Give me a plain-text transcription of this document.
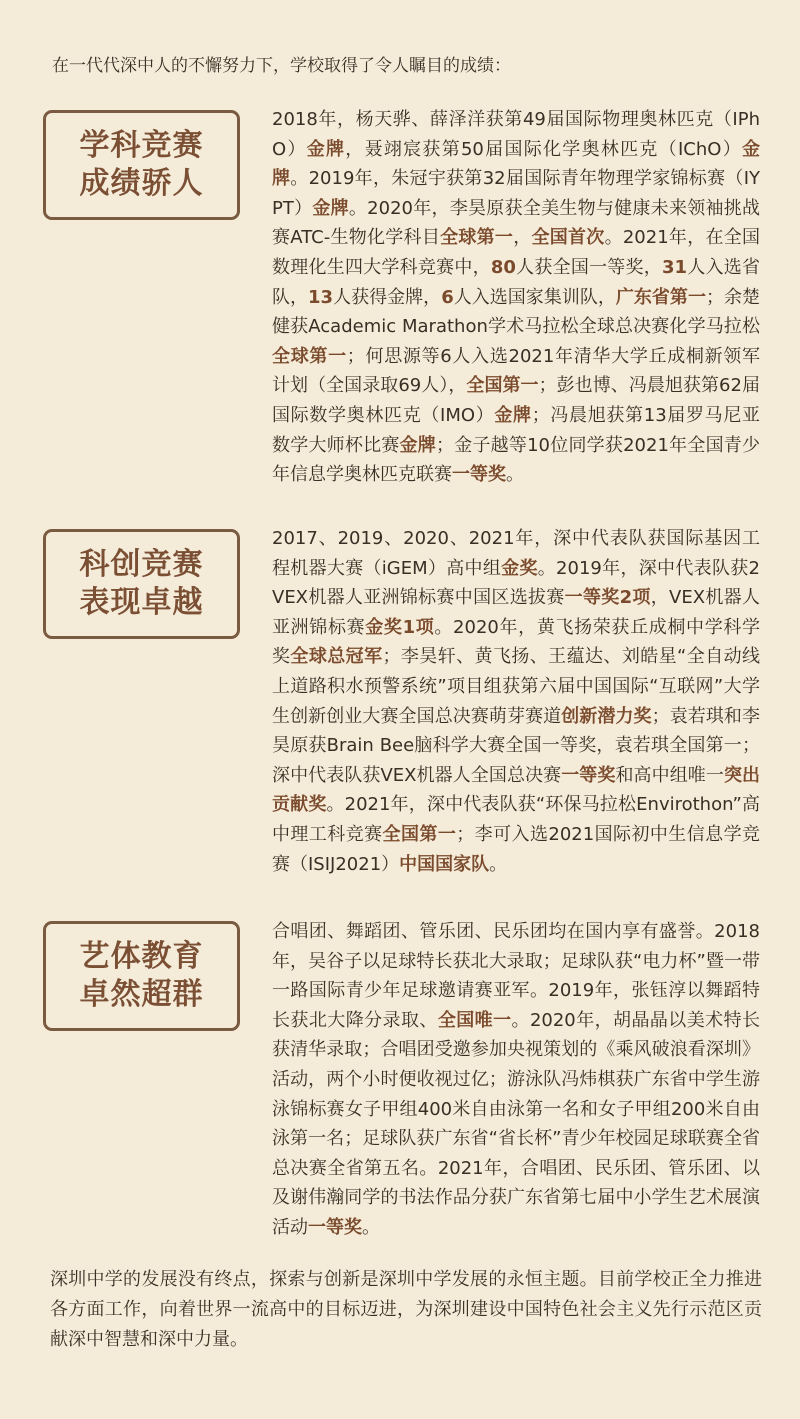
在一代代深中人的不懈努力下，学校取得了令人瞩目的成绩：
学科竞赛
成绩骄人
2018年，杨天骅、薛泽洋获第49届国际物理奥林匹克（IPhO）金牌，聂翊宸获第50届国际化学奥林匹克（IChO）金牌。2019年，朱冠宇获第32届国际青年物理学家锦标赛（IYPT）金牌。2020年，李昊原获全美生物与健康未来领袖挑战赛ATC-生物化学科目全球第一，全国首次。2021年，在全国数理化生四大学科竞赛中，80人获全国一等奖，31人入选省队，13人获得金牌，6人入选国家集训队，广东省第一；余楚健获Academic Marathon学术马拉松全球总决赛化学马拉松全球第一；何思源等6人入选2021年清华大学丘成桐新领军计划（全国录取69人），全国第一；彭也博、冯晨旭获第62届国际数学奥林匹克（IMO）金牌；冯晨旭获第13届罗马尼亚数学大师杯比赛金牌；金子越等10位同学获2021年全国青少年信息学奥林匹克联赛一等奖。
科创竞赛
表现卓越
2017、2019、2020、2021年，深中代表队获国际基因工程机器大赛（iGEM）高中组金奖。2019年，深中代表队获2VEX机器人亚洲锦标赛中国区选拔赛一等奖2项，VEX机器人亚洲锦标赛金奖1项。2020年，黄飞扬荣获丘成桐中学科学奖全球总冠军；李昊轩、黄飞扬、王蕴达、刘皓星“全自动线上道路积水预警系统”项目组获第六届中国国际“互联网”大学生创新创业大赛全国总决赛萌芽赛道创新潜力奖；袁若琪和李昊原获Brain Bee脑科学大赛全国一等奖，袁若琪全国第一；深中代表队获VEX机器人全国总决赛一等奖和高中组唯一突出贡献奖。2021年，深中代表队获“环保马拉松Envirothon”高中理工科竞赛全国第一；李可入选2021国际初中生信息学竞赛（ISIJ2021）中国国家队。
艺体教育
卓然超群
合唱团、舞蹈团、管乐团、民乐团均在国内享有盛誉。2018年，吴谷子以足球特长获北大录取；足球队获“电力杯”暨一带一路国际青少年足球邀请赛亚军。2019年，张钰淳以舞蹈特长获北大降分录取、全国唯一。2020年，胡晶晶以美术特长获清华录取；合唱团受邀参加央视策划的《乘风破浪看深圳》活动，两个小时便收视过亿；游泳队冯炜棋获广东省中学生游泳锦标赛女子甲组400米自由泳第一名和女子甲组200米自由泳第一名；足球队获广东省“省长杯”青少年校园足球联赛全省总决赛全省第五名。2021年，合唱团、民乐团、管乐团、以及谢伟瀚同学的书法作品分获广东省第七届中小学生艺术展演活动一等奖。
深圳中学的发展没有终点，探索与创新是深圳中学发展的永恒主题。目前学校正全力推进各方面工作，向着世界一流高中的目标迈进，为深圳建设中国特色社会主义先行示范区贡献深中智慧和深中力量。
